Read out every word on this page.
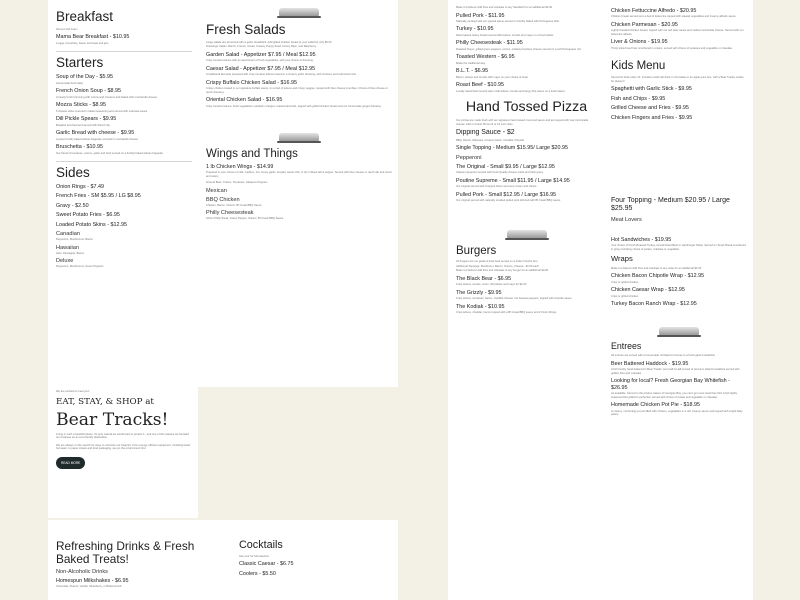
Breakfast
Served until 11am
Mama Bear Breakfast - $10.95
2 eggs, homefries, bacon and toast and jam.
Starters
Soup of the Day - $5.95
Homemade fresh daily.
French Onion Soup - $8.95
A hearty broth brimming with onions and croutons and baked with mozzarella cheese.
Mozza Sticks - $8.95
6 cheese sticks covered in Italian seasoning and served with marinara sauce.
Dill Pickle Spears - $9.95
Breaded and fried and served with Ranch dip.
Garlic Bread with cheese - $9.95
A piece freshly baked artisan baguette covered in mozzarella cheese.
Bruschetta - $10.95
Our blend of tomatoes, onions, garlic and herb served on a freshly baked artisan baguette.
Sides
Onion Rings - $7.49
French Fries - SM $5.95 / LG $8.95
Gravy - $2.50
Sweet Potato Fries - $6.95
Loaded Potato Skins - $12.95
Canadian
Pepperoni, Mushrooms, Bacon
Hawaiian
Ham, Pineapple, Bacon
Deluxe
Pepperoni, Mushrooms, Green Peppers
We are excited to meet you!
EAT, STAY, & SHOP at
Bear Tracks!
Living in such a beautiful place, it's only natural we would want to protect it - and one of the reasons we founded our business as an eco-friendly destination.
We are always on the search for ways to minimize our footprint. From energy efficient equipment, including better hot water, to paper straws and food packaging, we put the environment first.
READ MORE
Fresh Salads
Large salads are all served with a garlic breadstick. Add grilled chicken breast to your salad for only $5.00
Dressings: Italian, Ranch, French, Greek, Creamy Poppy Seed, Honey Dijon, and Raspberry.
Garden Salad - Appetizer $7.95 / Meal $12.95
Crisp romaine lettuce with an assortment of fresh vegetables, with your choice of dressing.
Caesar Salad - Appetizer $7.95 / Meal $12.95
A traditional favourite prepared with crisp romaine lettuce tossed in a creamy garlic dressing, with croutons and real bacon bits.
Crispy Buffalo Chicken Salad - $16.95
Crispy chicken tossed in our signature buffalo sauce, on a bed of lettuce and crispy veggies, topped with blue cheese crumbles. Choice of blue cheese or ranch dressing.
Oriental Chicken Salad - $16.95
Crisp romaine lettuce, fresh vegetables mandarin oranges, toasted almonds, topped with grilled chicken breast and our homemade ginger dressing.
Wings and Things
1 lb Chicken Wings - $14.99
Prepared to your choice of mild, medium, hot, honey garlic, teriyaki, sweet chili, or dry rubbed salt & pepper. Served with blue cheese or ranch dip and carrot and celery.
Ground Beef, Onions, Tomatoes, Jalapeno Peppers
Mexican
BBQ Chicken
Chicken, Bacon, Onions, Bf Creek BBQ Sauce
Philly Cheesesteak
Sirloin Philly Steak, Green Pepper, Onions, Bf Creek BBQ Sauce
Refreshing Drinks & Fresh Baked Treats!
Non-Alcoholic Drinks
Homespun Milkshakes - $6.95
Chocolate, Peanut, Vanilla, Strawberry, or Butterscotch.
Cocktails
Ask your for full selection.
Classic Caesar - $6.75
Coolers - $5.50
Make it a Deluxe! Add fries and coleslaw to any Sandwich for an additional $2.00
Pulled Pork - $11.95
Naturally smoked with our special sauce served on freshly baked with Portuguese Roll.
Turkey - $10.95
Real roasted turkey breast served with lettuce, tomato and mayo on a fresh kaiser.
Philly Cheesesteak - $11.95
Roasted ribeye, grilled green peppers, onions, melted provolone cheese served on a soft Portuguese roll.
Toasted Western - $6.95
Made the traditional way.
B.L.T. - $6.95
Bacon, lettuce and tomato with mayo on your choice of toast.
Roast Beef - $10.95
Locally raised beef served warm with lettuce, tomato and tangy bbq sauce on a fresh kaiser.
Hand Tossed Pizza
Our pizzas are made fresh with our signature hand tossed crust and sauce and are topped with real mozzarella cheese. Add on Fresh Pizza 14 or 16 inch sizes.
Dipping Sauce - $2
BBQ, Ranch, Marinara, Creamy Garlic, Cheddar Chipotle
Single Topping - Medium $15.95/ Large $20.95
Pepperoni
The Original - Small $9.95 / Large $12.95
Classic pepperoni served with fresh Quality cheese curds and thick gravy.
Poutine Supreme - Small $11.95 / Large $14.95
Our original served with chopped bacon and sour cream and chives.
Pulled Pork - Small $12.95 / Large $16.95
Our original served with naturally smoked pulled pork drizzled with Bf Creek BBQ sauce.
Burgers
All burgers are our grade A local beef served on a butter brioche bun.
Additional Toppings: Mushroom, Bacon, Onions, Cheese - $1.50 each
Make it a Deluxe! Add fries and coleslaw to any burger for an additional $3.00
The Black Bear - $6.95
Crisp lettuce, tomato, onion, dill pickles and mayo for $2.00
The Grizzly - $9.95
Crisp lettuce, tomatoes, bacon, cheddar cheese, hot banana peppers, topped with chipotle sauce.
The Kodiak - $10.95
Crisp lettuce, cheddar, bacon topped with a Bf Creek BBQ sauce and 2 Onion Rings.
Chicken Fettuccine Alfredo - $20.95
Chicken breast served over a bed of fettuccine topped with stewed vegetables and creamy alfredo sauce.
Chicken Parmesan - $20.95
Lightly breaded chicken breast, topped with our red tasty sauce and melted mozzarella cheese. Served with our fettuccine alfredo.
Liver & Onions - $19.95
Thinly sliced beef liver smothered in onions, served with choice of potatoes and vegetable or coleslaw.
Kids Menu
Served for kids under 10. Includes small soft drink or chocolate or an apple juice box, with a Bear Tracks cookie for dessert!
Spaghetti with Garlic Stick - $9.95
Fish and Chips - $9.95
Grilled Cheese and Fries - $9.95
Chicken Fingers and Fries - $9.95
Four Topping - Medium $20.95 / Large $25.95
Meat Lovers
Hot Sandwiches - $19.95
Your choice of Fresh Roasted Turkey, Grand Roast Beef or Hamburger Pattie. Served on Texas Bread smothered in gravy including choice of potato, coleslaw or vegetable.
Wraps
Make it a Deluxe! Add fries and coleslaw to any wrap for an additional $2.00
Chicken Bacon Chipotle Wrap - $12.95
Crisp or grilled chicken.
Chicken Caesar Wrap - $12.95
Crisp or grilled chicken.
Turkey Bacon Ranch Wrap - $12.95
Entrees
All entrees are served with a homemade roll baked in-house to a fresh garlic breadstick.
Beer Battered Haddock - $19.95
A fish freshly hand battered in Bear Tracks' own Half & Half served of premium Atlantic Haddock served with golden fries and coleslaw.
Looking for local? Fresh Georgian Bay Whitefish - $26.95
As available. Served in the pristine waters of Georgian Bay, you can't get more local than this! A fish lightly seasoned filet grilled to perfection served with choice of potato and vegetable or coleslaw.
Homemade Chicken Pot Pie - $18.95
A creamy, comforting pot pie filled with chicken, vegetables in a rich creamy sauce and topped with a light flaky pastry.
